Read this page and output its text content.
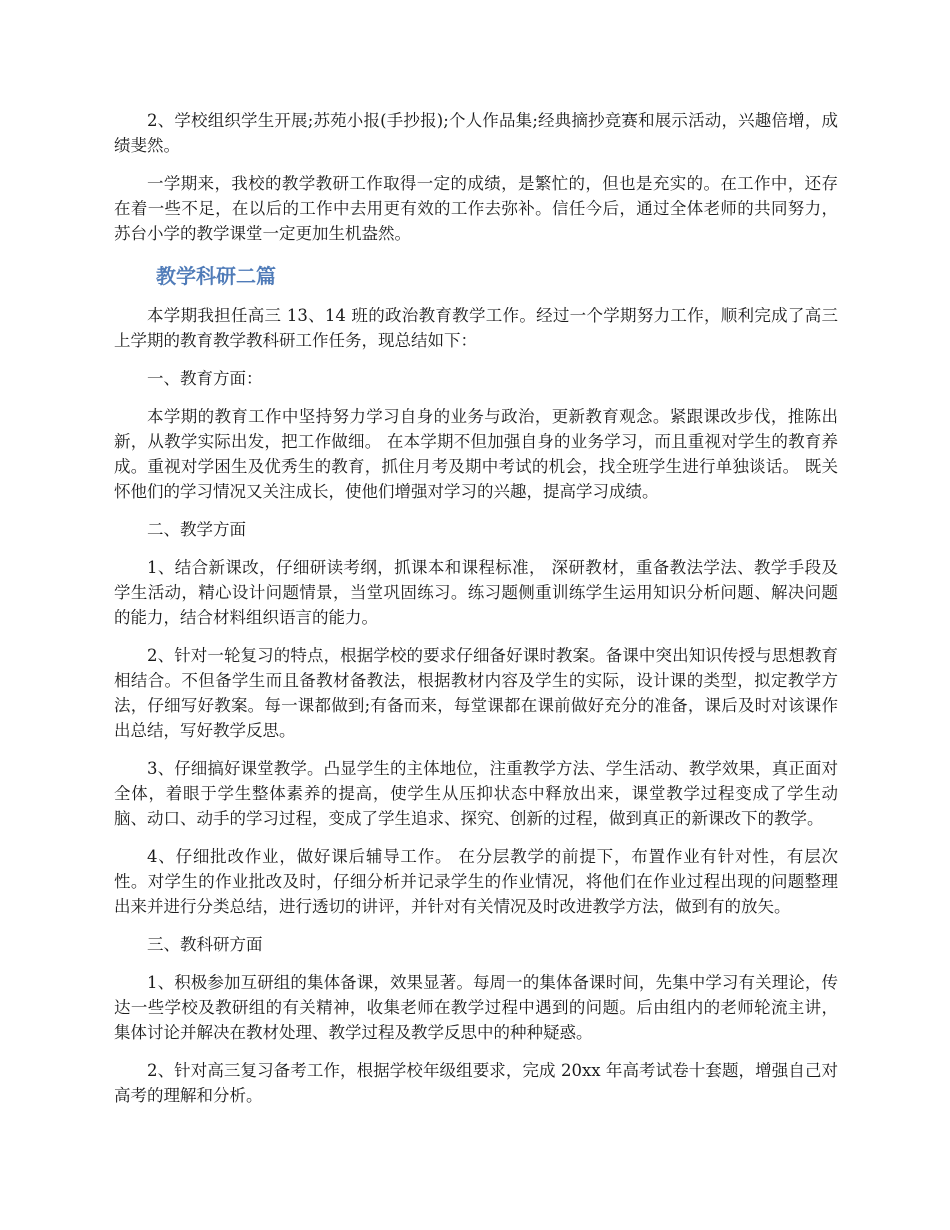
2、学校组织学生开展;苏苑小报(手抄报);个人作品集;经典摘抄竞赛和展示活动，兴趣倍增，成绩斐然。

一学期来，我校的教学教研工作取得一定的成绩，是繁忙的，但也是充实的。在工作中，还存在着一些不足，在以后的工作中去用更有效的工作去弥补。信任今后，通过全体老师的共同努力，苏台小学的教学课堂一定更加生机盎然。

教学科研二篇

本学期我担任高三 13、14 班的政治教育教学工作。经过一个学期努力工作，顺利完成了高三上学期的教育教学教科研工作任务，现总结如下：

一、教育方面：

本学期的教育工作中坚持努力学习自身的业务与政治，更新教育观念。紧跟课改步伐，推陈出新，从教学实际出发，把工作做细。 在本学期不但加强自身的业务学习，而且重视对学生的教育养成。重视对学困生及优秀生的教育，抓住月考及期中考试的机会，找全班学生进行单独谈话。 既关怀他们的学习情况又关注成长，使他们增强对学习的兴趣，提高学习成绩。

二、教学方面

1、结合新课改，仔细研读考纲，抓课本和课程标准， 深研教材，重备教法学法、教学手段及学生活动，精心设计问题情景，当堂巩固练习。练习题侧重训练学生运用知识分析问题、解决问题的能力，结合材料组织语言的能力。

2、针对一轮复习的特点，根据学校的要求仔细备好课时教案。备课中突出知识传授与思想教育相结合。不但备学生而且备教材备教法，根据教材内容及学生的实际，设计课的类型，拟定教学方法，仔细写好教案。每一课都做到;有备而来，每堂课都在课前做好充分的准备，课后及时对该课作出总结，写好教学反思。

3、仔细搞好课堂教学。凸显学生的主体地位，注重教学方法、学生活动、教学效果，真正面对全体，着眼于学生整体素养的提高，使学生从压抑状态中释放出来，课堂教学过程变成了学生动脑、动口、动手的学习过程，变成了学生追求、探究、创新的过程，做到真正的新课改下的教学。

4、仔细批改作业，做好课后辅导工作。 在分层教学的前提下，布置作业有针对性，有层次性。对学生的作业批改及时，仔细分析并记录学生的作业情况，将他们在作业过程出现的问题整理出来并进行分类总结，进行透切的讲评，并针对有关情况及时改进教学方法，做到有的放矢。

三、教科研方面

1、积极参加互研组的集体备课，效果显著。每周一的集体备课时间，先集中学习有关理论，传达一些学校及教研组的有关精神，收集老师在教学过程中遇到的问题。后由组内的老师轮流主讲，集体讨论并解决在教材处理、教学过程及教学反思中的种种疑惑。

2、针对高三复习备考工作，根据学校年级组要求，完成 20xx 年高考试卷十套题，增强自己对高考的理解和分析。
